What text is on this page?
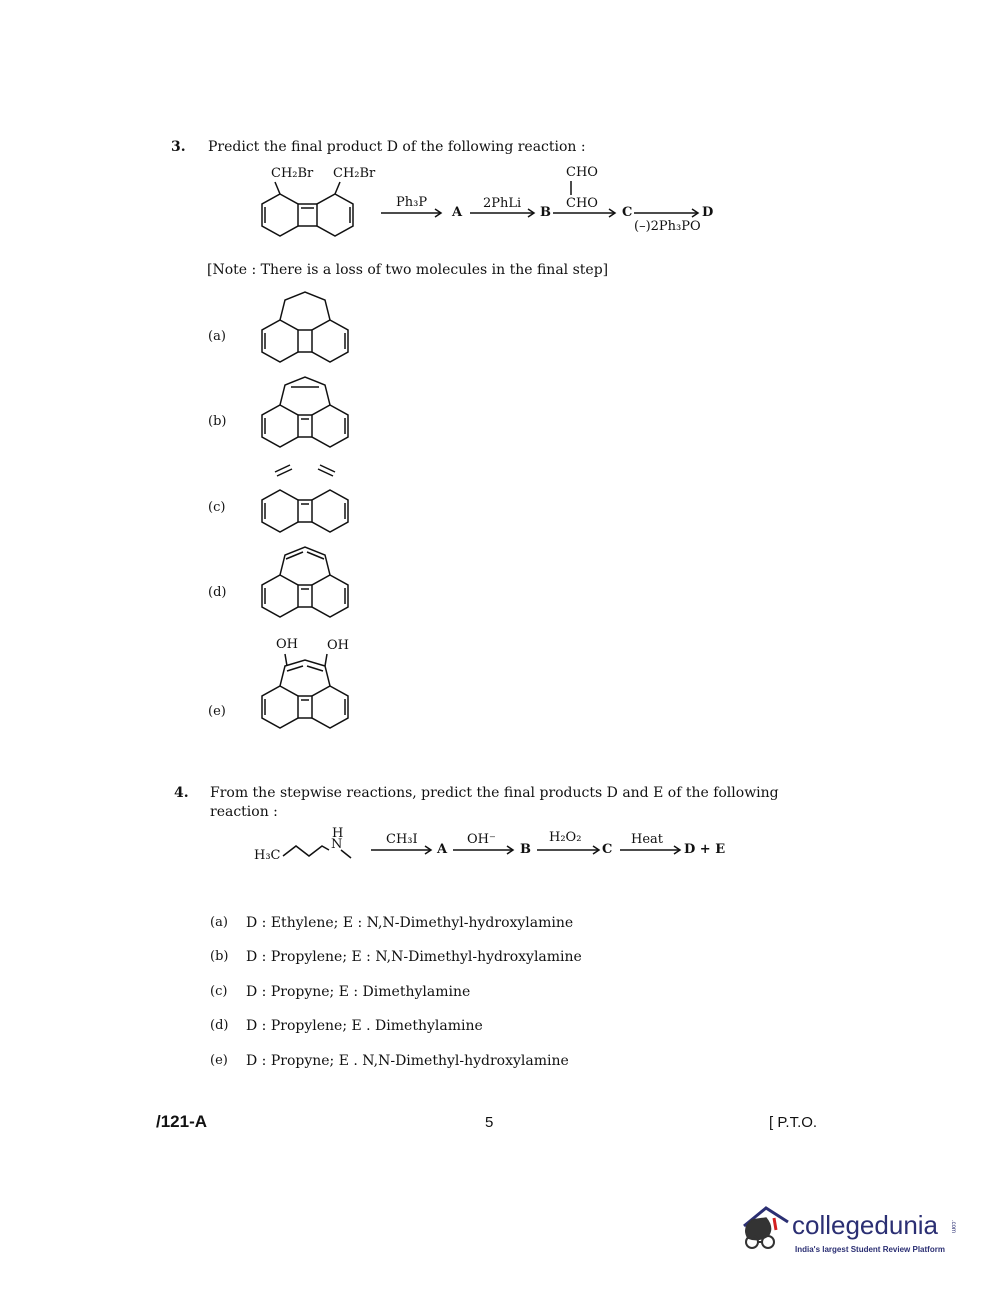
3. Predict the final product D of the following reaction :
CH₂Br CH₂Br
Ph₃P
A
2PhLi
B
CHO
CHO
C	D
(–)2Ph₃PO
[Note : There is a loss of two molecules in the final step]
(a)
(b)
(c)
(d)
(e)
OH OH
4. From the stepwise reactions, predict the final products D and E of the following
reaction :
H₃C
H
N	CH₃I
A
OH⁻
B
H₂O₂
C
Heat
D + E
(a) D : Ethylene; E : N,N-Dimethyl-hydroxylamine
(b) D : Propylene; E : N,N-Dimethyl-hydroxylamine
(c) D : Propyne; E : Dimethylamine
(d) D : Propylene; E . Dimethylamine
(e) D : Propyne; E . N,N-Dimethyl-hydroxylamine
/121-A	5	[ P.T.O.
collegedunia .com
India's largest Student Review Platform
